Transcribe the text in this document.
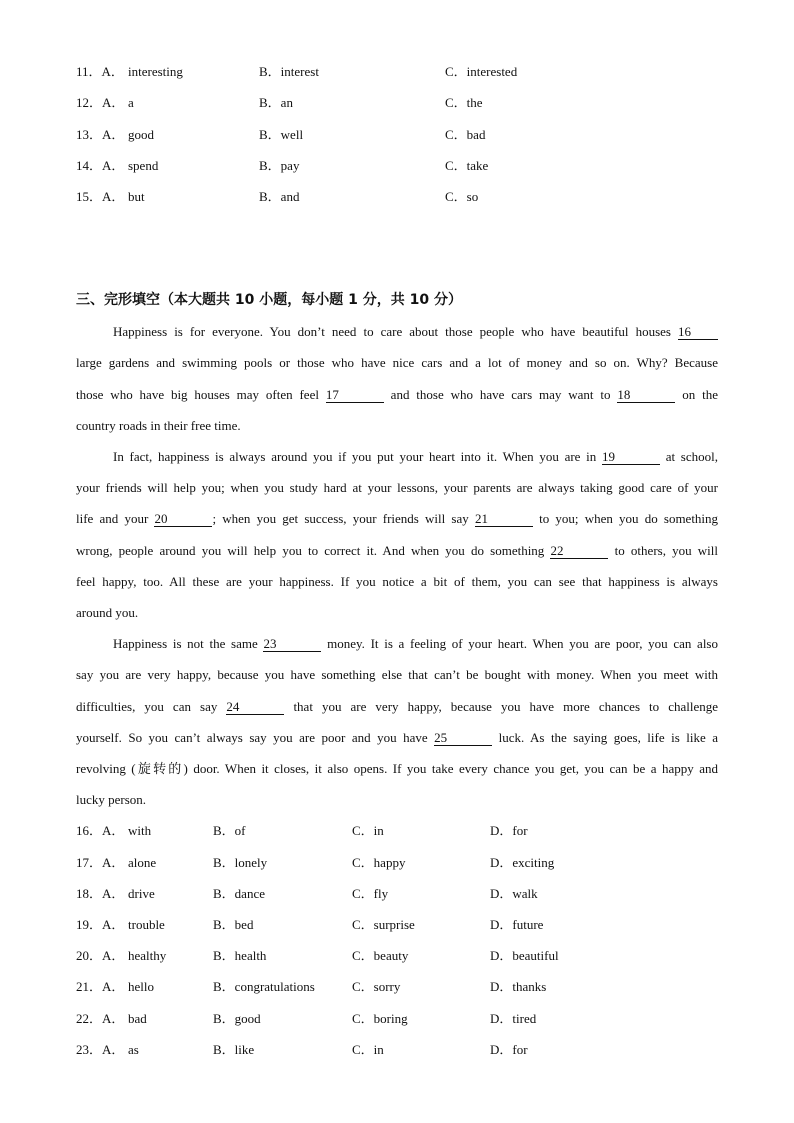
11．A． interesting	B．interest	C．interested
12．A． a	B．an	C．the
13．A． good	B．well	C．bad
14．A． spend	B．pay	C．take
15．A． but	B．and	C．so
三、完形填空（本大题共 10 小题，每小题 1 分，共 10 分）
Happiness is for everyone. You don’t need to care about those people who have beautiful houses 16
large gardens and swimming pools or those who have nice cars and a lot of money and so on. Why? Because
those who have big houses may often feel 17	and those who have cars may want to 18	on the
country roads in their free time.
In fact, happiness is always around you if you put your heart into it. When you are in 19	at school,
your friends will help you; when you study hard at your lessons, your parents are always taking good care of your
life and your 20	; when you get success, your friends will say 21	to you; when you do something
wrong, people around you will help you to correct it. And when you do something 22	to others, you will
feel happy, too. All these are your happiness. If you notice a bit of them, you can see that happiness is always
around you.
Happiness is not the same 23	money. It is a feeling of your heart. When you are poor, you can also
say you are very happy, because you have something else that can’t be bought with money. When you meet with
difficulties, you can say 24	that you are very happy, because you have more chances to challenge
yourself. So you can’t always say you are poor and you have 25	luck. As the saying goes, life is like a
revolving (旋转的) door. When it closes, it also opens. If you take every chance you get, you can be a happy and
lucky person.
16．A． with	B．of	C．in	D．for
17．A． alone	B．lonely	C．happy	D．exciting
18．A． drive	B．dance	C．fly	D．walk
19．A． trouble	B．bed	C．surprise	D．future
20．A． healthy	B．health	C．beauty	D．beautiful
21．A． hello	B．congratulations	C．sorry	D．thanks
22．A． bad	B．good	C．boring	D．tired
23．A． as	B．like	C．in	D．for
